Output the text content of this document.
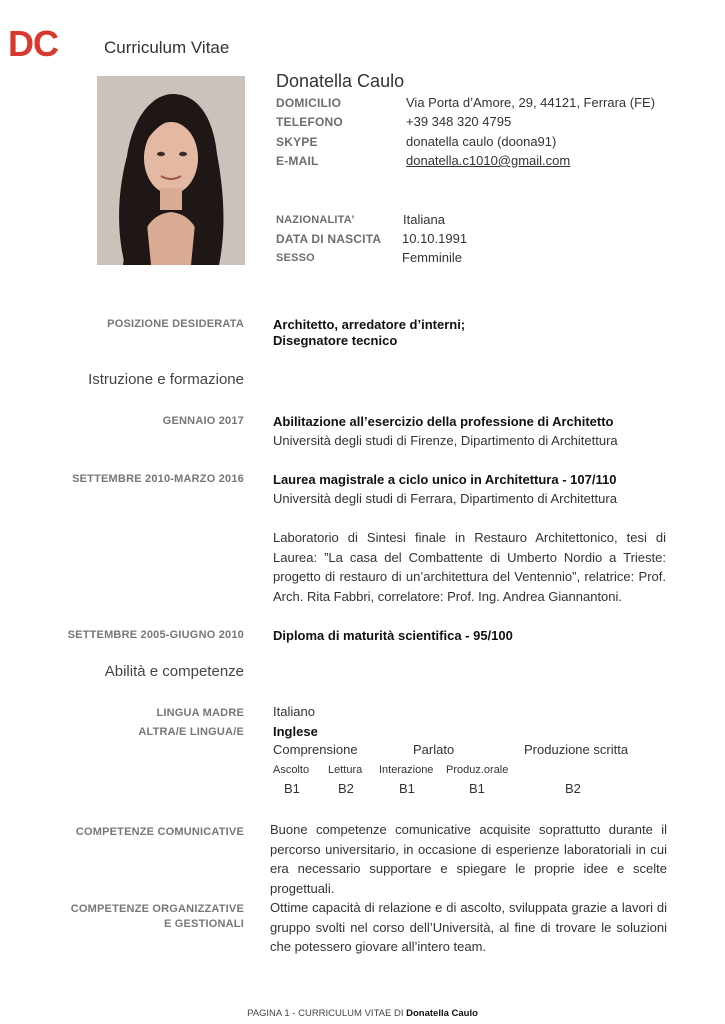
DC	Curriculum Vitae
Donatella Caulo
DOMICILIO	Via Porta d’Amore, 29, 44121, Ferrara (FE)
TELEFONO	+39 348 320 4795
SKYPE	donatella caulo (doona91)
E-MAIL	donatella.c1010@gmail.com
NAZIONALITA’	Italiana
DATA DI NASCITA 10.10.1991
SESSO	Femminile
POSIZIONE DESIDERATA Architetto, arredatore d’interni;
Disegnatore tecnico
Istruzione e formazione
GENNAIO 2017 Abilitazione all’esercizio della professione di Architetto
Università degli studi di Firenze, Dipartimento di Architettura
SETTEMBRE 2010-MARZO 2016 Laurea magistrale a ciclo unico in Architettura - 107/110
Università degli studi di Ferrara, Dipartimento di Architettura
Laboratorio di Sintesi finale in Restauro Architettonico, tesi di Laurea: ”La casa del Combattente di Umberto Nordio a Trieste: progetto di restauro di un’architettura del Ventennio”, relatrice: Prof. Arch. Rita Fabbri, correlatore: Prof. Ing. Andrea Giannantoni.
SETTEMBRE 2005-GIUGNO 2010 Diploma di maturità scientifica - 95/100
Abilità e competenze
LINGUA MADRE Italiano
ALTRA/E LINGUA/E Inglese
Comprensione	Parlato	Produzione scritta
Ascolto Lettura Interazione Produz.orale
B1	B2	B1	B1	B2
COMPETENZE COMUNICATIVE Buone competenze comunicative acquisite soprattutto durante il percorso universitario, in occasione di esperienze laboratoriali in cui era necessario supportare e spiegare le proprie idee e scelte progettuali.
COMPETENZE ORGANIZZATIVE
E GESTIONALI
Ottime capacità di relazione e di ascolto, sviluppata grazie a lavori di gruppo svolti nel corso dell’Università, al fine di trovare le soluzioni che potessero giovare all’intero team.
PAGINA 1 - CURRICULUM VITAE DI Donatella Caulo
